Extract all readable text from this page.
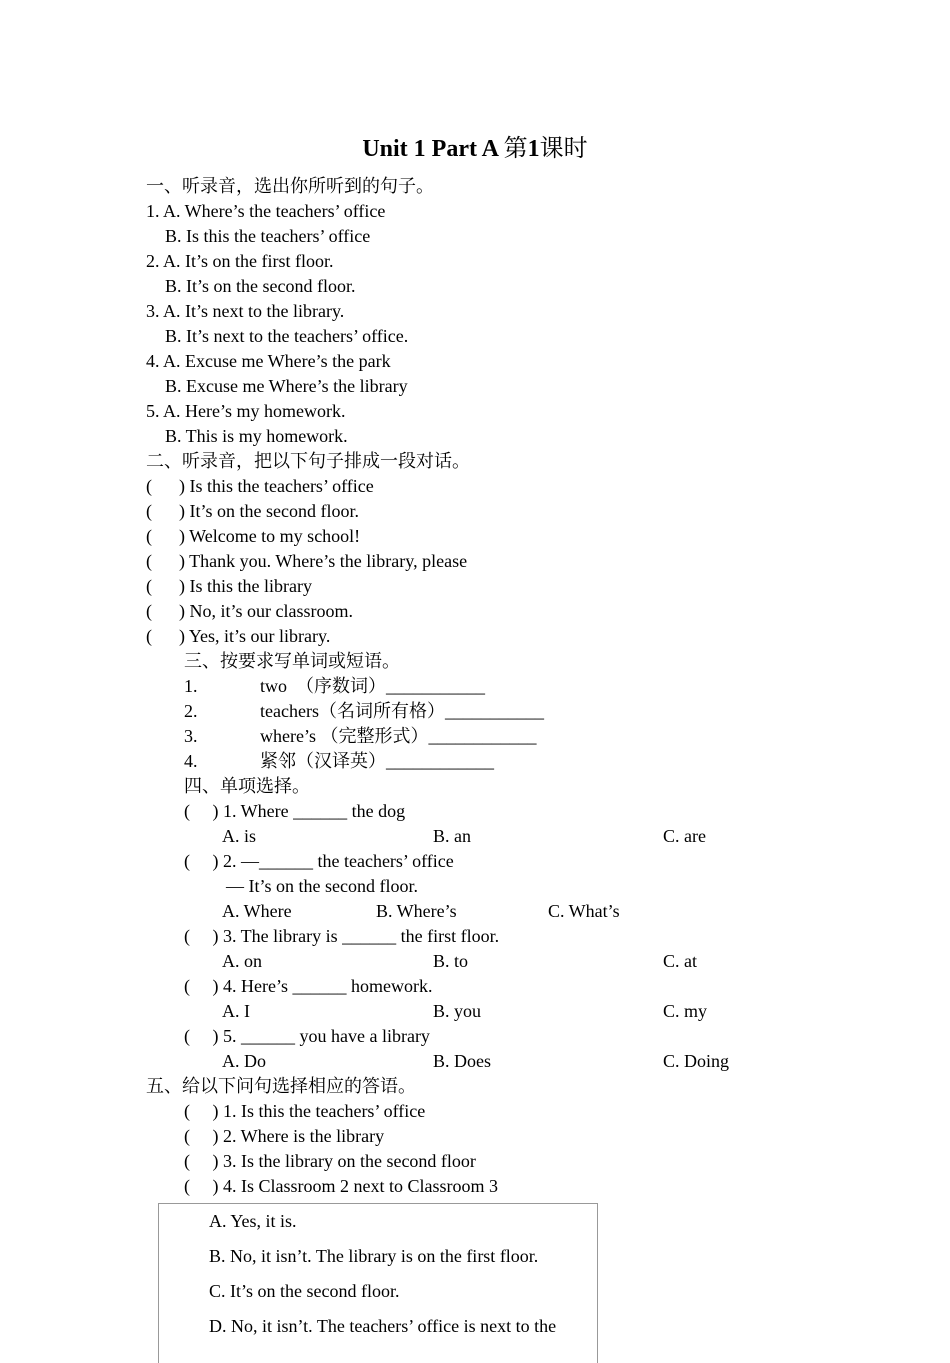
Unit 1 Part A 第1课时
一、听录音，选出你所听到的句子。
1. A. Where’s the teachers’ office
B. Is this the teachers’ office
2. A. It’s on the first floor.
B. It’s on the second floor.
3. A. It’s next to the library.
B. It’s next to the teachers’ office.
4. A. Excuse me Where’s the park
B. Excuse me Where’s the library
5. A. Here’s my homework.
B. This is my homework.
二、听录音，把以下句子排成一段对话。
(      ) Is this the teachers’ office
(      ) It’s on the second floor.
(      ) Welcome to my school!
(      ) Thank you. Where’s the library, please
(      ) Is this the library
(      ) No, it’s our classroom.
(      ) Yes, it’s our library.
三、按要求写单词或短语。
1.	two  （序数词）___________
2.	teachers（名词所有格）___________
3.	where’s （完整形式）____________
4.	紧邻（汉译英）____________
四、单项选择。
(     ) 1. Where ______ the dog
A. is	B. an	C. are
(     ) 2. —______ the teachers’ office
— It’s on the second floor.
A. Where	B. Where’s	C. What’s
(     ) 3. The library is ______ the first floor.
A. on	B. to	C. at
(     ) 4. Here’s ______ homework.
A. I	B. you	C. my
(     ) 5. ______ you have a library
A. Do	B. Does	C. Doing
五、给以下问句选择相应的答语。
(     ) 1. Is this the teachers’ office
(     ) 2. Where is the library
(     ) 3. Is the library on the second floor
(     ) 4. Is Classroom 2 next to Classroom 3
A. Yes, it is.
B. No, it isn’t. The library is on the first floor.
C. It’s on the second floor.
D. No, it isn’t. The teachers’ office is next to the
